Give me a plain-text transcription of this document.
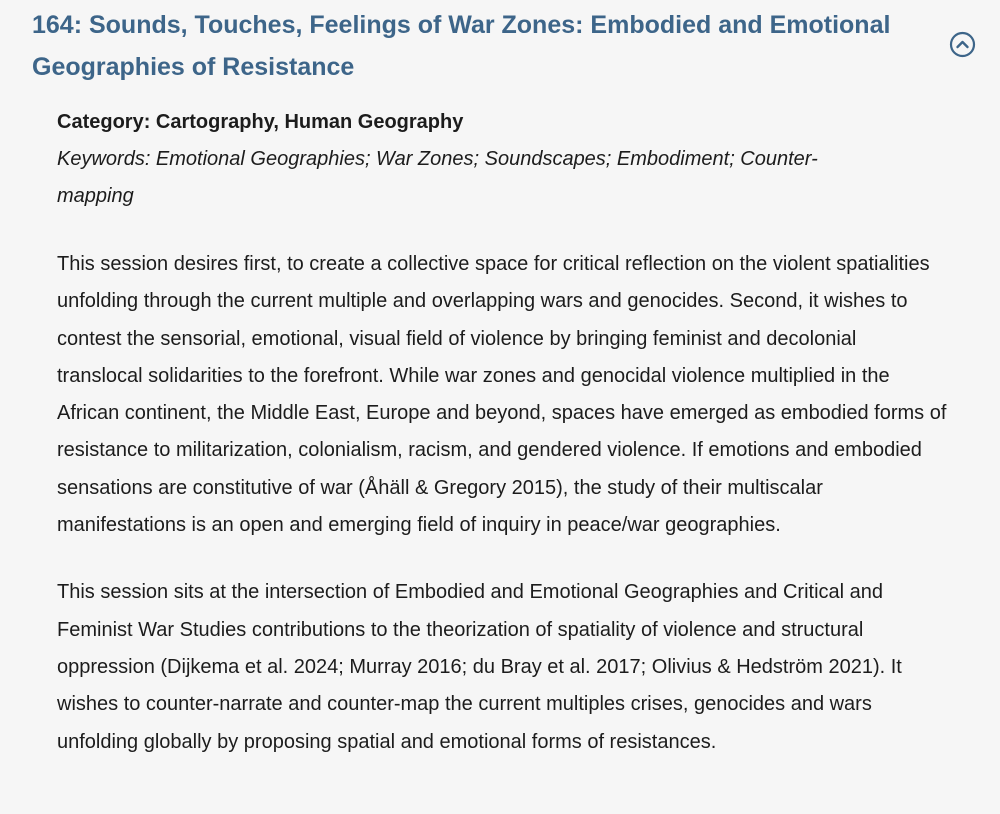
164: Sounds, Touches, Feelings of War Zones: Embodied and Emotional Geographies of Resistance

Category: Cartography, Human Geography

Keywords: Emotional Geographies; War Zones; Soundscapes; Embodiment; Counter-mapping

This session desires first, to create a collective space for critical reflection on the violent spatialities unfolding through the current multiple and overlapping wars and genocides. Second, it wishes to contest the sensorial, emotional, visual field of violence by bringing feminist and decolonial translocal solidarities to the forefront. While war zones and genocidal violence multiplied in the African continent, the Middle East, Europe and beyond, spaces have emerged as embodied forms of resistance to militarization, colonialism, racism, and gendered violence. If emotions and embodied sensations are constitutive of war (Åhäll & Gregory 2015), the study of their multiscalar manifestations is an open and emerging field of inquiry in peace/war geographies.

This session sits at the intersection of Embodied and Emotional Geographies and Critical and Feminist War Studies contributions to the theorization of spatiality of violence and structural oppression (Dijkema et al. 2024; Murray 2016; du Bray et al. 2017; Olivius & Hedström 2021). It wishes to counter-narrate and counter-map the current multiples crises, genocides and wars unfolding globally by proposing spatial and emotional forms of resistances.
